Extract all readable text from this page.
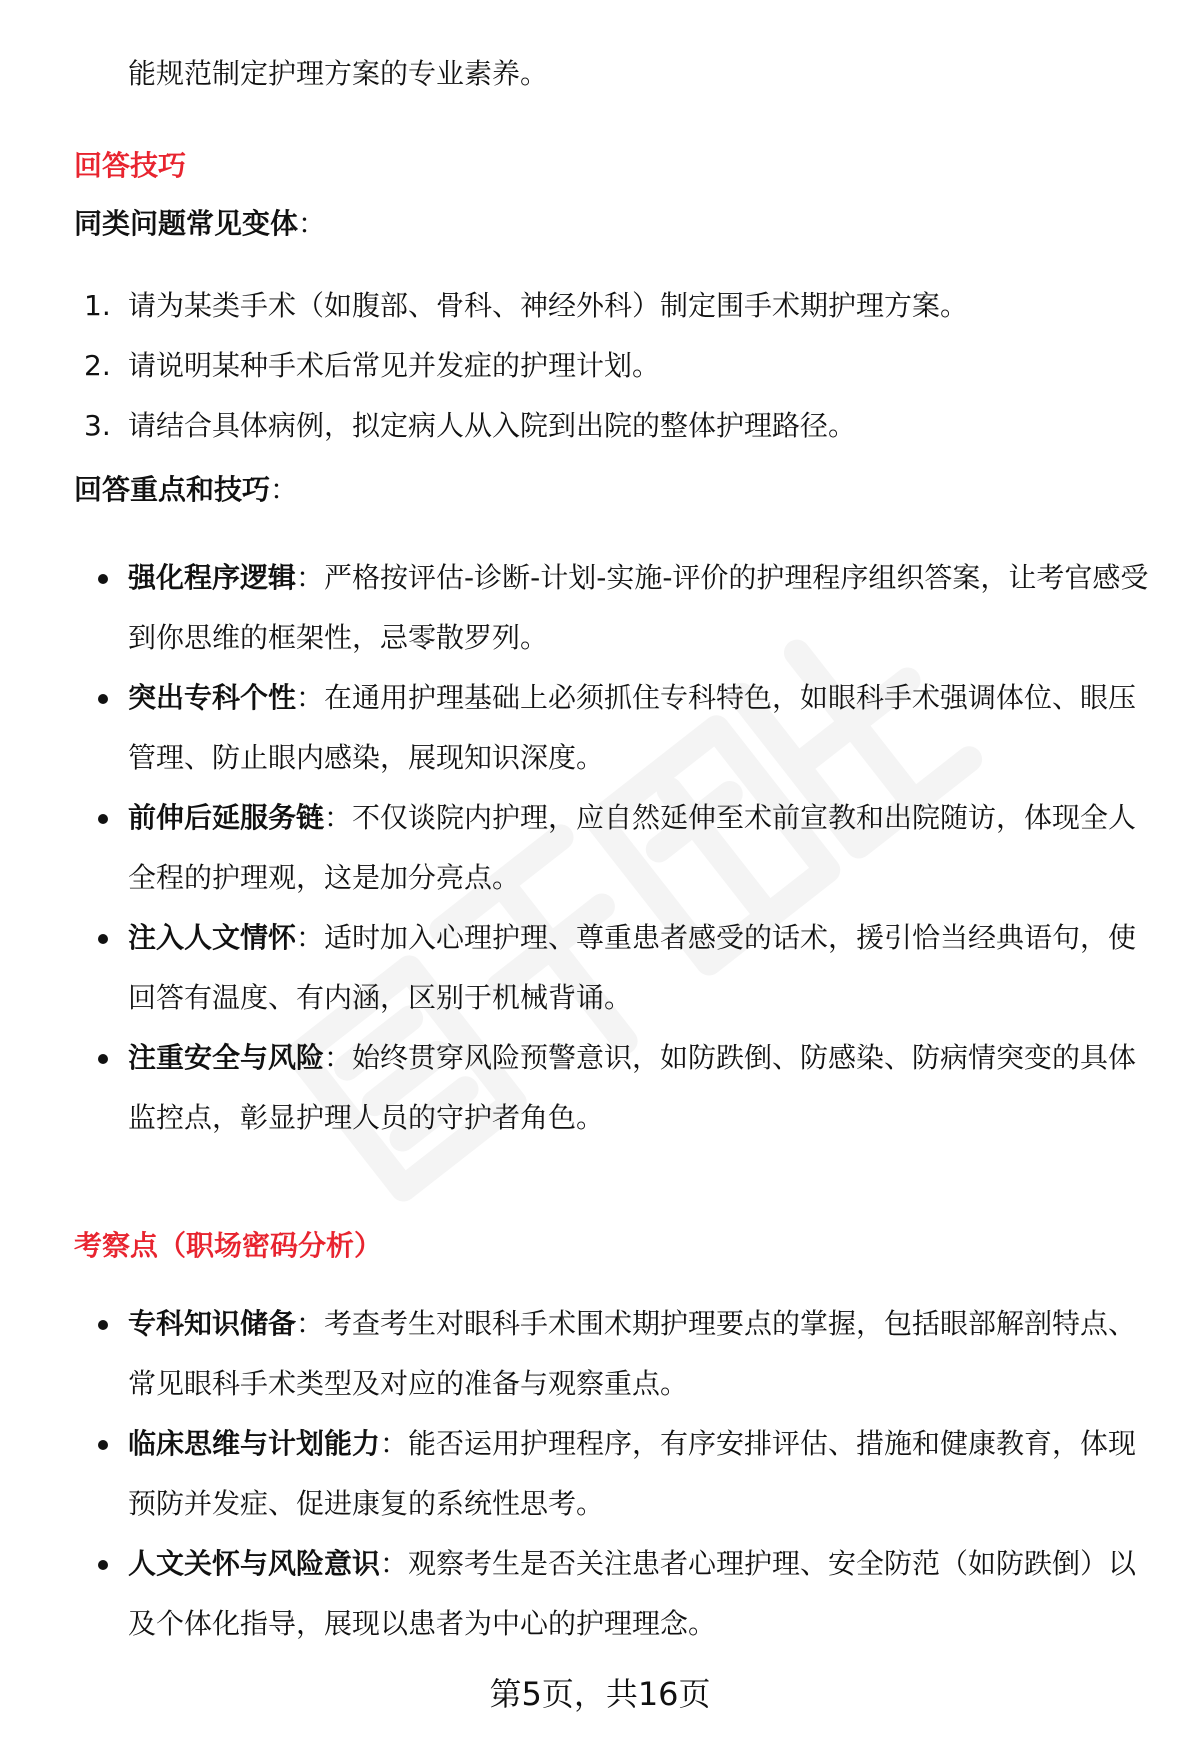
能规范制定护理方案的专业素养。
回答技巧
同类问题常见变体：
1. 请为某类手术（如腹部、骨科、神经外科）制定围手术期护理方案。
2. 请说明某种手术后常见并发症的护理计划。
3. 请结合具体病例，拟定病人从入院到出院的整体护理路径。
回答重点和技巧：
强化程序逻辑：严格按评估-诊断-计划-实施-评价的护理程序组织答案，让考官感受到你思维的框架性，忌零散罗列。
突出专科个性：在通用护理基础上必须抓住专科特色，如眼科手术强调体位、眼压管理、防止眼内感染，展现知识深度。
前伸后延服务链：不仅谈院内护理，应自然延伸至术前宣教和出院随访，体现全人全程的护理观，这是加分亮点。
注入人文情怀：适时加入心理护理、尊重患者感受的话术，援引恰当经典语句，使回答有温度、有内涵，区别于机械背诵。
注重安全与风险：始终贯穿风险预警意识，如防跌倒、防感染、防病情突变的具体监控点，彰显护理人员的守护者角色。
考察点（职场密码分析）
专科知识储备：考查考生对眼科手术围术期护理要点的掌握，包括眼部解剖特点、常见眼科手术类型及对应的准备与观察重点。
临床思维与计划能力：能否运用护理程序，有序安排评估、措施和健康教育，体现预防并发症、促进康复的系统性思考。
人文关怀与风险意识：观察考生是否关注患者心理护理、安全防范（如防跌倒）以及个体化指导，展现以患者为中心的护理理念。
第5页，共16页
